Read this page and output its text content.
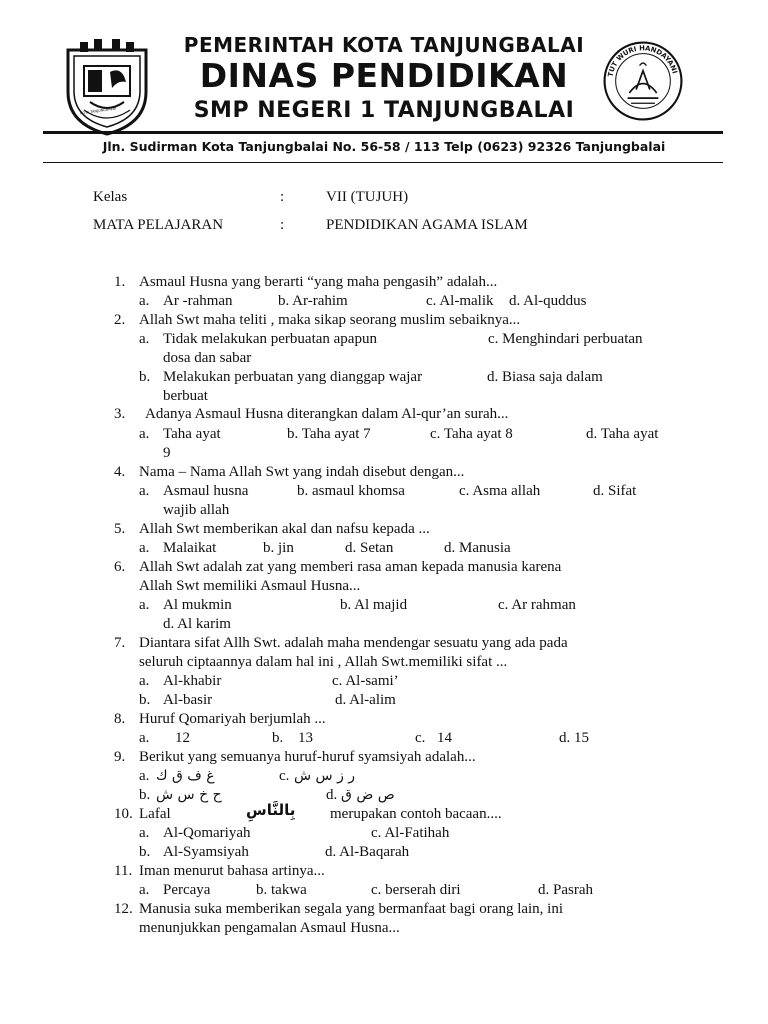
KOTA TANJUNGBALAI
PEMERINTAH KOTA TANJUNGBALAI
DINAS PENDIDIKAN
SMP NEGERI 1 TANJUNGBALAI
TUT WURI HANDAYANI
Jln. Sudirman Kota Tanjungbalai No. 56-58 / 113 Telp (0623) 92326 Tanjungbalai
Kelas	:	VII (TUJUH)
MATA PELAJARAN	:	PENDIDIKAN AGAMA ISLAM
1. Asmaul Husna yang berarti “yang maha pengasih” adalah...
a. Ar -rahman	b. Ar-rahim	c. Al-malik d. Al-quddus
2. Allah Swt maha teliti , maka sikap seorang muslim sebaiknya...
a. Tidak melakukan perbuatan apapun	c. Menghindari perbuatan
dosa dan sabar
b. Melakukan perbuatan yang dianggap wajar	d. Biasa saja dalam
berbuat
3. Adanya Asmaul Husna diterangkan dalam Al-qur’an surah...
a. Taha ayat	b. Taha ayat 7	c. Taha ayat 8	d. Taha ayat
9
4. Nama – Nama Allah Swt yang indah disebut dengan...
a. Asmaul husna	b. asmaul khomsa	c. Asma allah	d. Sifat
wajib allah
5. Allah Swt memberikan akal dan nafsu kepada ...
a. Malaikat	b. jin	d. Setan	d. Manusia
6. Allah Swt adalah zat yang memberi rasa aman kepada manusia karena
Allah Swt memiliki Asmaul Husna...
a. Al mukmin	b. Al majid	c. Ar rahman
d. Al karim
7. Diantara sifat Allh Swt. adalah maha mendengar sesuatu yang ada pada
seluruh ciptaannya dalam hal ini , Allah Swt.memiliki sifat ...
a. Al-khabir	c. Al-sami’
b. Al-basir	d. Al-alim
8. Huruf Qomariyah berjumlah ...
a. 12	b. 13	c. 14	d. 15
9. Berikut yang semuanya huruf-huruf syamsiyah adalah...
a. غ ف ق ك	c. ر ز س ش
b. ح خ س ش	d. ص ض ق
10. Lafal	بِالنَّاسِ merupakan contoh bacaan....
a. Al-Qomariyah	c. Al-Fatihah
b. Al-Syamsiyah	d. Al-Baqarah
11. Iman menurut bahasa artinya...
a. Percaya	b. takwa	c. berserah diri	d. Pasrah
12. Manusia suka memberikan segala yang bermanfaat bagi orang lain, ini
menunjukkan pengamalan Asmaul Husna...
